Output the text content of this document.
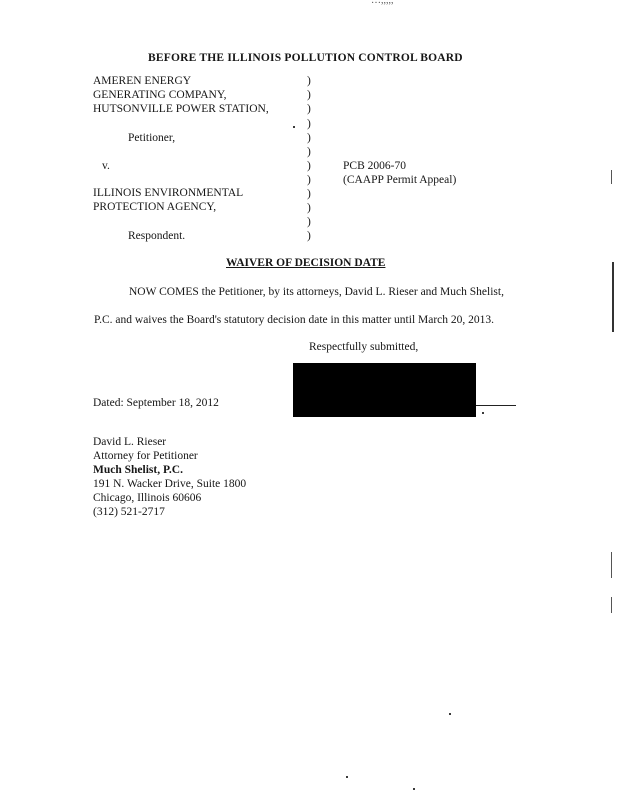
…,,,,,
BEFORE THE ILLINOIS POLLUTION CONTROL BOARD
AMEREN ENERGY
GENERATING COMPANY,
HUTSONVILLE POWER STATION,
Petitioner,
v.
ILLINOIS ENVIRONMENTAL
PROTECTION AGENCY,
Respondent.
)
)
)
)
)
)
)
)
)
)
)
)
PCB 2006-70
(CAAPP Permit Appeal)
WAIVER OF DECISION DATE
NOW COMES the Petitioner, by its attorneys, David L. Rieser and Much Shelist,
P.C. and waives the Board's statutory decision date in this matter until March 20, 2013.
Respectfully submitted,
Dated: September 18, 2012
David L. Rieser
Attorney for Petitioner
Much Shelist, P.C.
191 N. Wacker Drive, Suite 1800
Chicago, Illinois 60606
(312) 521-2717
